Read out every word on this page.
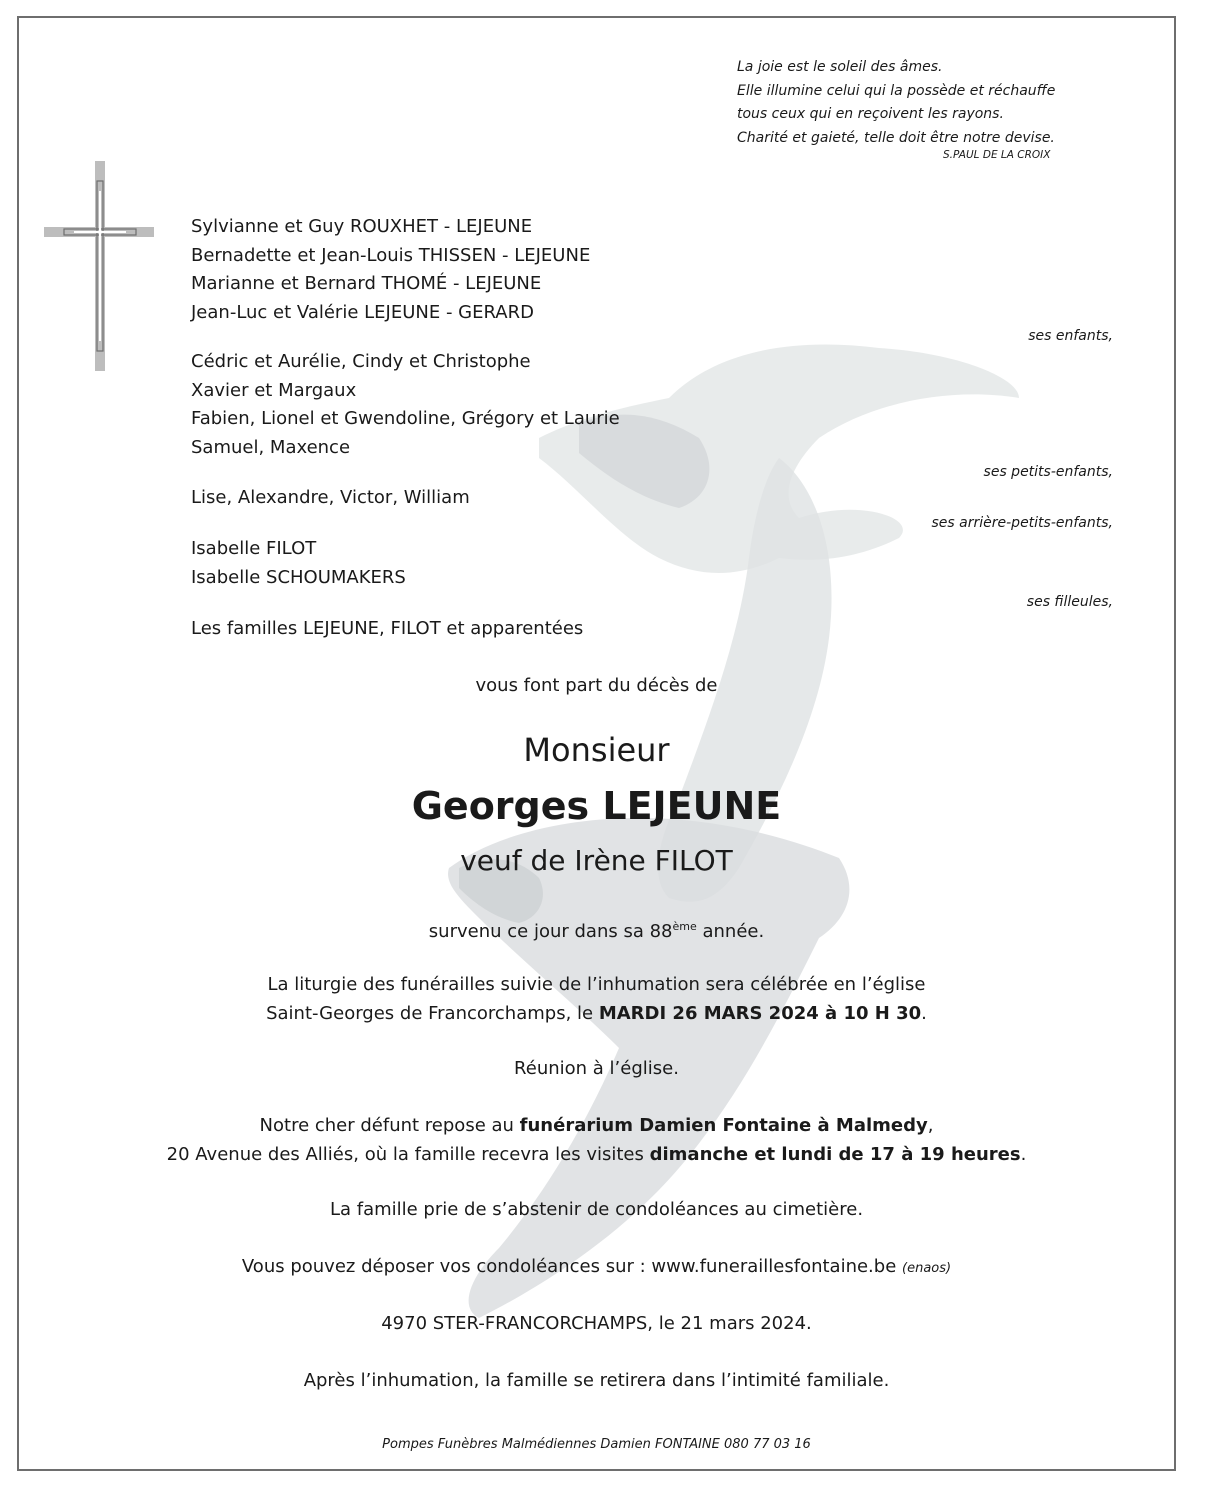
La joie est le soleil des âmes.
Elle illumine celui qui la possède et réchauffe
tous ceux qui en reçoivent les rayons.
Charité et gaieté, telle doit être notre devise.
S.PAUL DE LA CROIX
Sylvianne et Guy ROUXHET - LEJEUNE
Bernadette et Jean-Louis THISSEN - LEJEUNE
Marianne et Bernard THOMÉ - LEJEUNE
Jean-Luc et Valérie LEJEUNE - GERARD
ses enfants,
Cédric et Aurélie, Cindy et Christophe
Xavier et Margaux
Fabien, Lionel et Gwendoline, Grégory et Laurie
Samuel, Maxence
ses petits-enfants,
Lise, Alexandre, Victor, William
ses arrière-petits-enfants,
Isabelle FILOT
Isabelle SCHOUMAKERS
ses filleules,
Les familles LEJEUNE, FILOT et apparentées
vous font part du décès de
Monsieur
Georges LEJEUNE
veuf de Irène FILOT
survenu ce jour dans sa 88ème année.
La liturgie des funérailles suivie de l’inhumation sera célébrée en l’église
Saint-Georges de Francorchamps, le MARDI 26 MARS 2024 à 10 H 30.
Réunion à l’église.
Notre cher défunt repose au funérarium Damien Fontaine à Malmedy,
20 Avenue des Alliés, où la famille recevra les visites dimanche et lundi de 17 à 19 heures.
La famille prie de s’abstenir de condoléances au cimetière.
Vous pouvez déposer vos condoléances sur : www.funeraillesfontaine.be (enaos)
4970 STER-FRANCORCHAMPS, le 21 mars 2024.
Après l’inhumation, la famille se retirera dans l’intimité familiale.
Pompes Funèbres Malmédiennes Damien FONTAINE 080 77 03 16
